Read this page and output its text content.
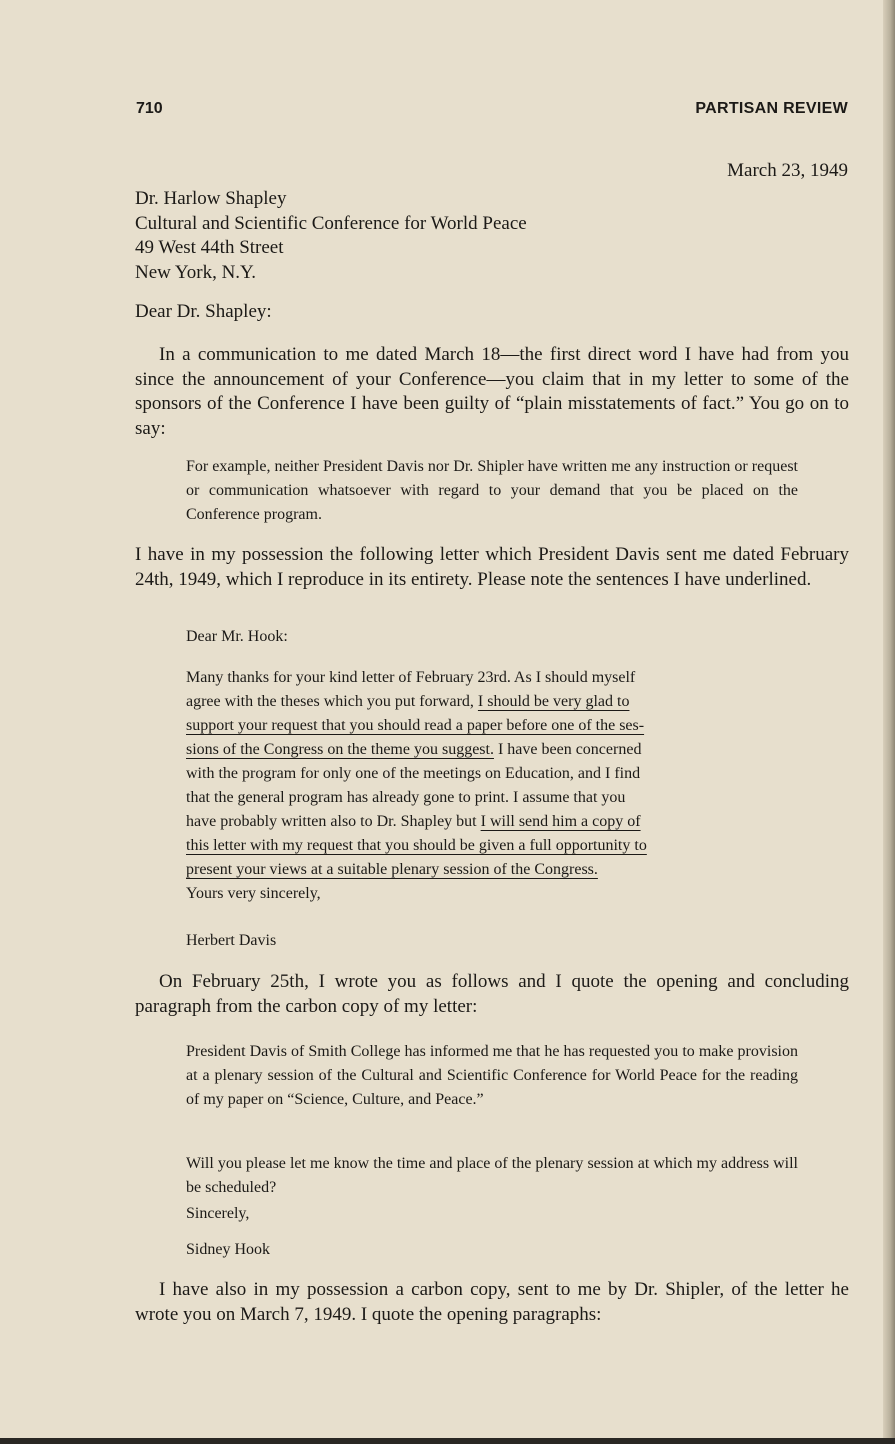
710	PARTISAN REVIEW
March 23, 1949
Dr. Harlow Shapley
Cultural and Scientific Conference for World Peace
49 West 44th Street
New York, N.Y.

Dear Dr. Shapley:

In a communication to me dated March 18—the first direct word I have had from you since the announcement of your Conference—you claim that in my letter to some of the sponsors of the Conference I have been guilty of “plain misstatements of fact.” You go on to say:

For example, neither President Davis nor Dr. Shipler have written me any instruction or request or communication whatsoever with regard to your demand that you be placed on the Conference program.

I have in my possession the following letter which President Davis sent me dated February 24th, 1949, which I reproduce in its entirety. Please note the sentences I have underlined.

Dear Mr. Hook:

Many thanks for your kind letter of February 23rd. As I should myself
agree with the theses which you put forward, I should be very glad to
support your request that you should read a paper before one of the ses-
sions of the Congress on the theme you suggest. I have been concerned
with the program for only one of the meetings on Education, and I find
that the general program has already gone to print. I assume that you
have probably written also to Dr. Shapley but I will send him a copy of
this letter with my request that you should be given a full opportunity to
present your views at a suitable plenary session of the Congress.
Yours very sincerely,

Herbert Davis

On February 25th, I wrote you as follows and I quote the opening and concluding paragraph from the carbon copy of my letter:

President Davis of Smith College has informed me that he has requested you to make provision at a plenary session of the Cultural and Scientific Conference for World Peace for the reading of my paper on “Science, Culture, and Peace.”

Will you please let me know the time and place of the plenary session at which my address will be scheduled?

Sincerely,

Sidney Hook

I have also in my possession a carbon copy, sent to me by Dr. Shipler, of the letter he wrote you on March 7, 1949. I quote the opening paragraphs:
